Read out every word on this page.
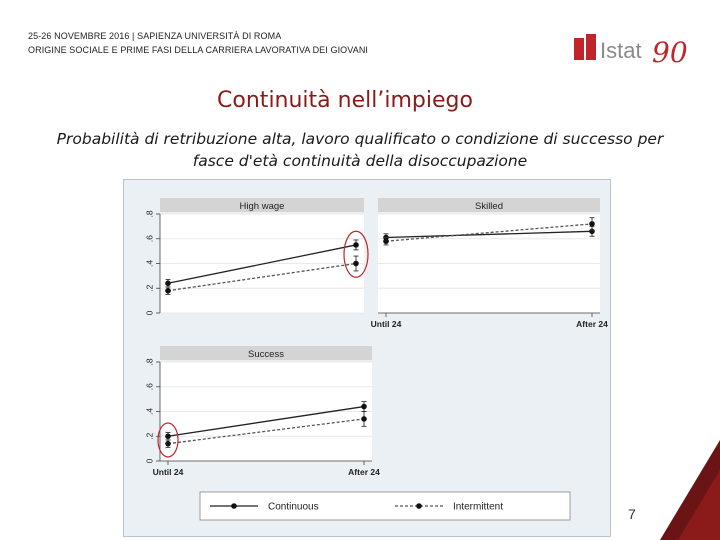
25-26 NOVEMBRE 2016 | SAPIENZA UNIVERSITÀ DI ROMA
ORIGINE SOCIALE E PRIME FASI DELLA CARRIERA LAVORATIVA DEI GIOVANI	Istat 90
Continuità nell’impiego
Probabilità di retribuzione alta, lavoro qualificato o condizione di successo per fasce d'età continuità della disoccupazione
High wage
0
.2
.4
.6
.8
Skilled
Until 24	After 24
Success
0
.2
.4
.6
.8
Until 24	After 24
Continuous	Intermittent	7
